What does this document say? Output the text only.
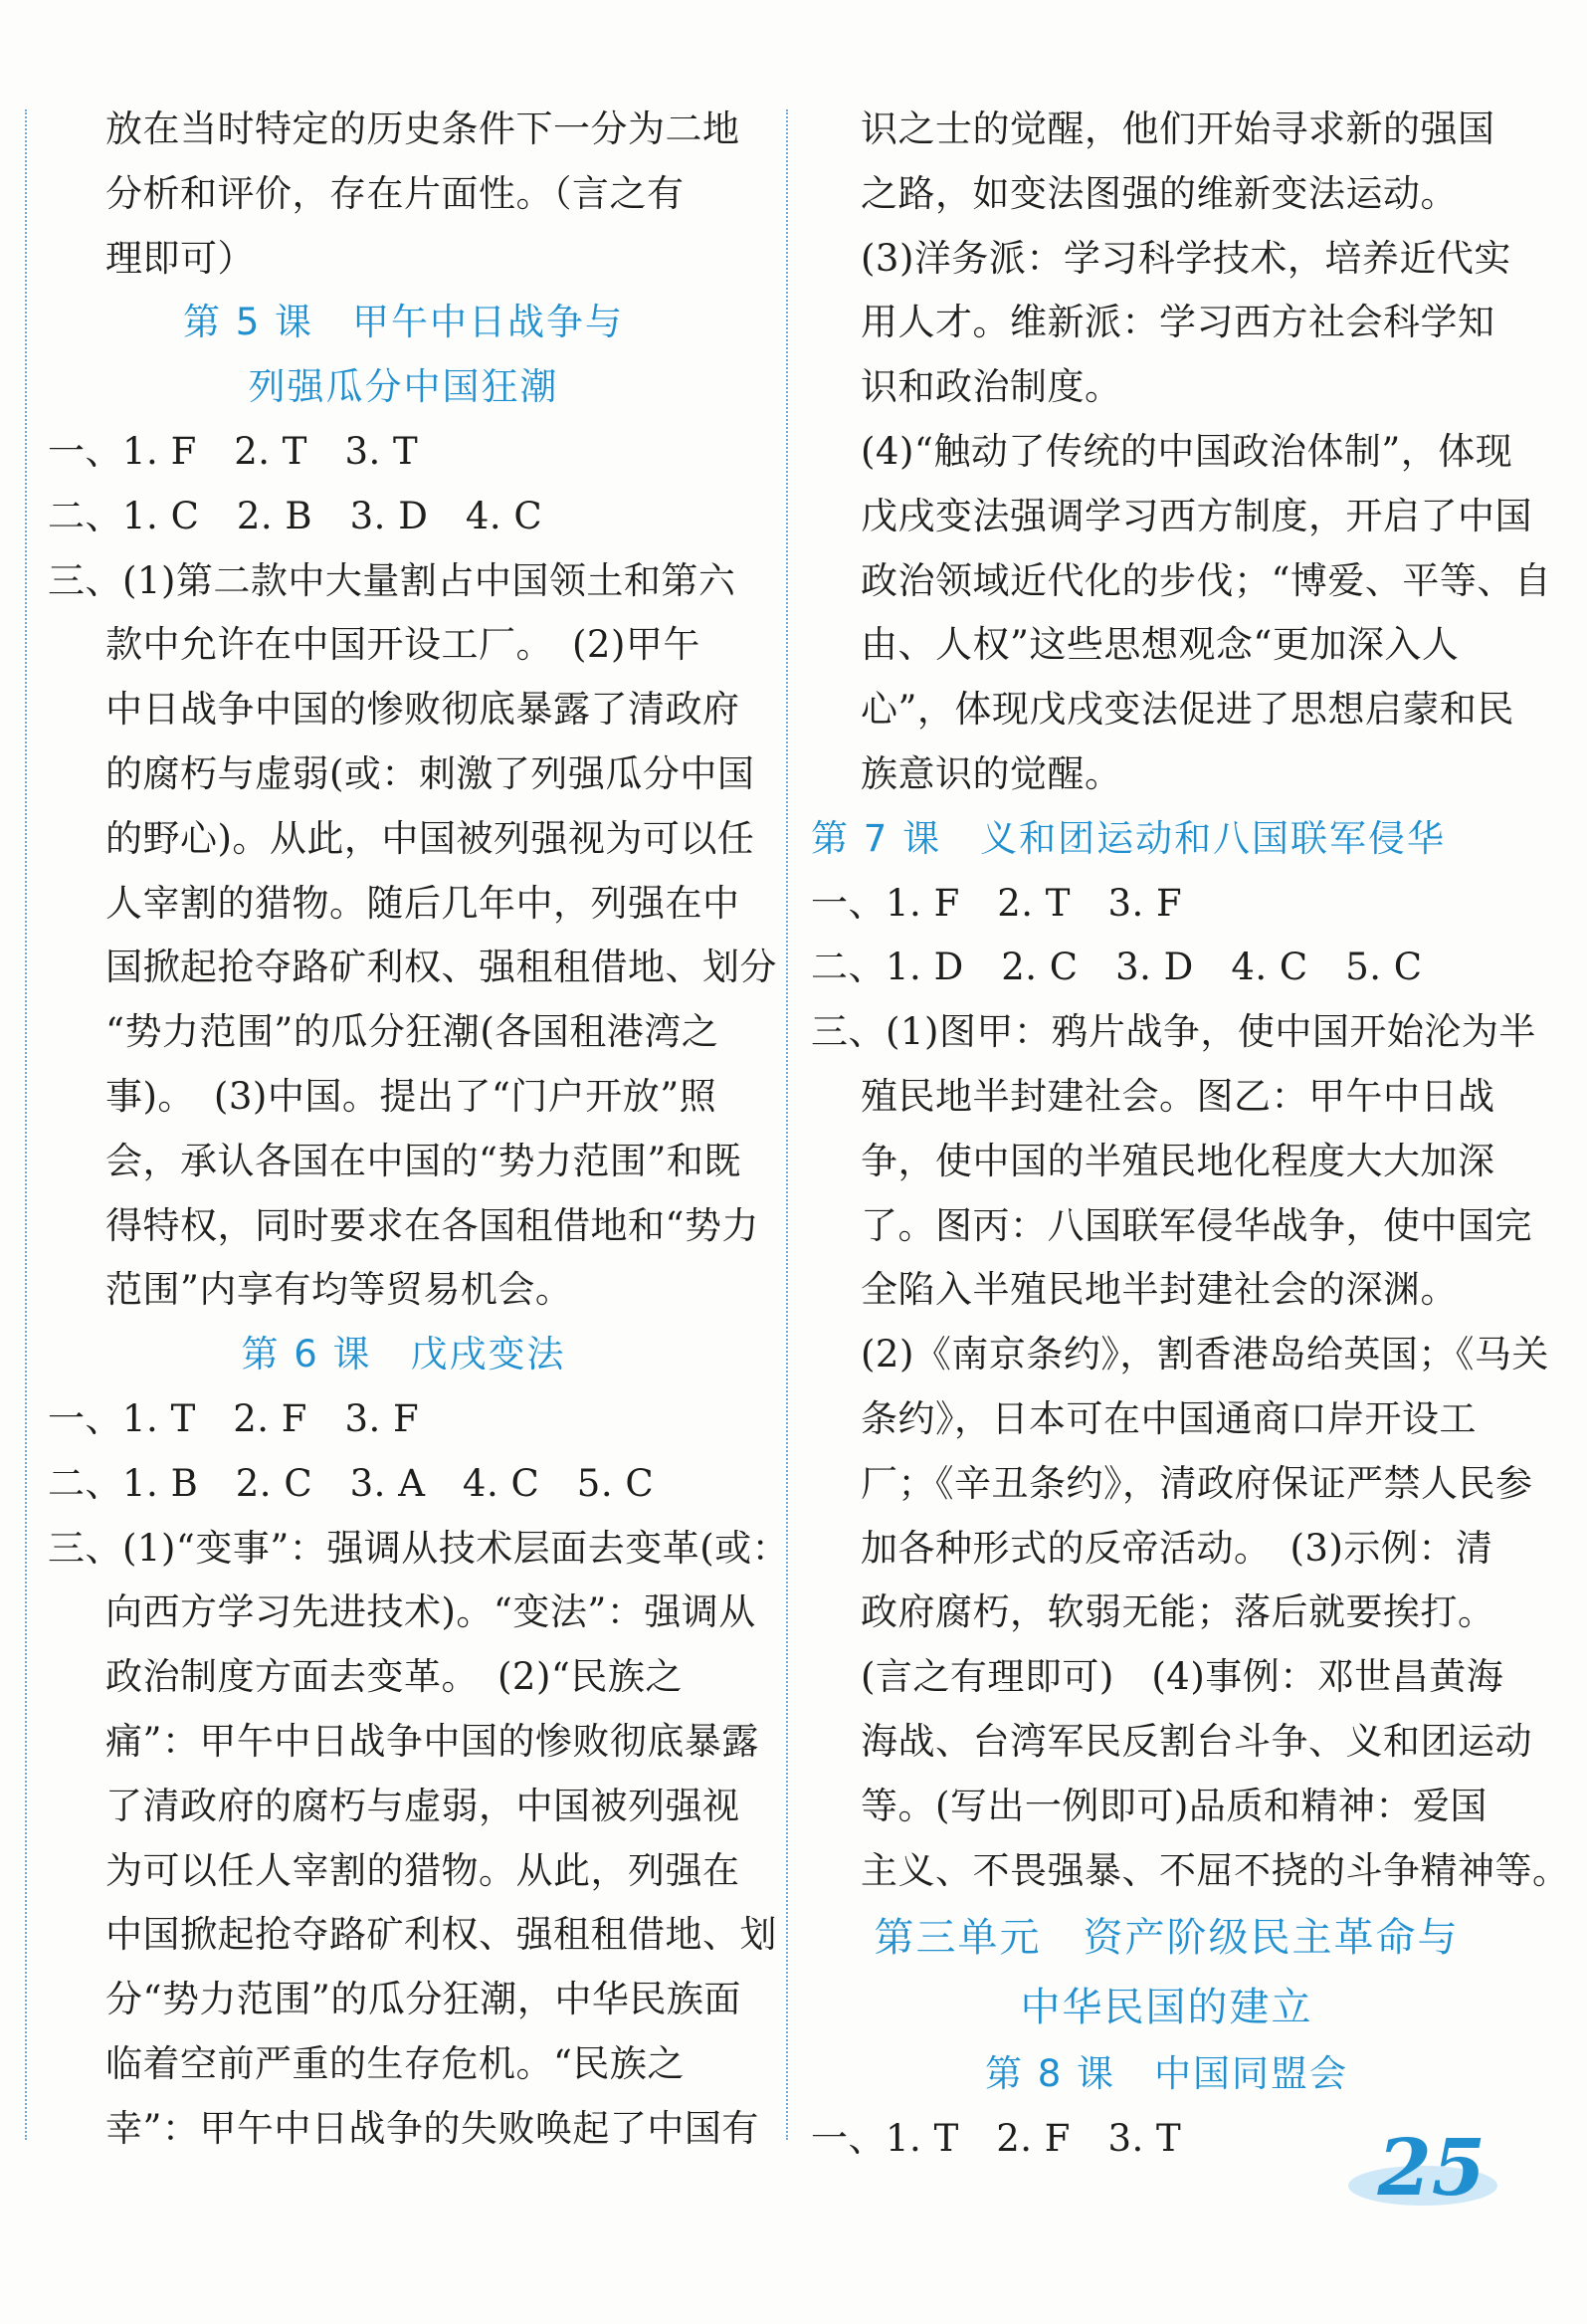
放在当时特定的历史条件下一分为二地
分析和评价，存在片面性。（言之有
理即可）
第 5 课　甲午中日战争与
列强瓜分中国狂潮
一、1. F　2. T　3. T
二、1. C　2. B　3. D　4. C
三、(1)第二款中大量割占中国领土和第六
款中允许在中国开设工厂。　(2)甲午
中日战争中国的惨败彻底暴露了清政府
的腐朽与虚弱(或：刺激了列强瓜分中国
的野心)。从此，中国被列强视为可以任
人宰割的猎物。随后几年中，列强在中
国掀起抢夺路矿利权、强租租借地、划分
“势力范围”的瓜分狂潮(各国租港湾之
事)。　(3)中国。提出了“门户开放”照
会，承认各国在中国的“势力范围”和既
得特权，同时要求在各国租借地和“势力
范围”内享有均等贸易机会。
第 6 课　戊戌变法
一、1. T　2. F　3. F
二、1. B　2. C　3. A　4. C　5. C
三、(1)“变事”：强调从技术层面去变革(或：
向西方学习先进技术)。“变法”：强调从
政治制度方面去变革。　(2)“民族之
痛”：甲午中日战争中国的惨败彻底暴露
了清政府的腐朽与虚弱，中国被列强视
为可以任人宰割的猎物。从此，列强在
中国掀起抢夺路矿利权、强租租借地、划
分“势力范围”的瓜分狂潮，中华民族面
临着空前严重的生存危机。“民族之
幸”：甲午中日战争的失败唤起了中国有
识之士的觉醒，他们开始寻求新的强国
之路，如变法图强的维新变法运动。
(3)洋务派：学习科学技术，培养近代实
用人才。维新派：学习西方社会科学知
识和政治制度。
(4)“触动了传统的中国政治体制”，体现
戊戌变法强调学习西方制度，开启了中国
政治领域近代化的步伐；“博爱、平等、自
由、人权”这些思想观念“更加深入人
心”，体现戊戌变法促进了思想启蒙和民
族意识的觉醒。
第 7 课　义和团运动和八国联军侵华
一、1. F　2. T　3. F
二、1. D　2. C　3. D　4. C　5. C
三、(1)图甲：鸦片战争，使中国开始沦为半
殖民地半封建社会。图乙：甲午中日战
争，使中国的半殖民地化程度大大加深
了。图丙：八国联军侵华战争，使中国完
全陷入半殖民地半封建社会的深渊。
(2)《南京条约》，割香港岛给英国；《马关
条约》，日本可在中国通商口岸开设工
厂；《辛丑条约》，清政府保证严禁人民参
加各种形式的反帝活动。　(3)示例：清
政府腐朽，软弱无能；落后就要挨打。
(言之有理即可)　(4)事例：邓世昌黄海
海战、台湾军民反割台斗争、义和团运动
等。(写出一例即可)品质和精神：爱国
主义、不畏强暴、不屈不挠的斗争精神等。
第三单元　资产阶级民主革命与
中华民国的建立
第 8 课　中国同盟会
一、1. T　2. F　3. T	25
